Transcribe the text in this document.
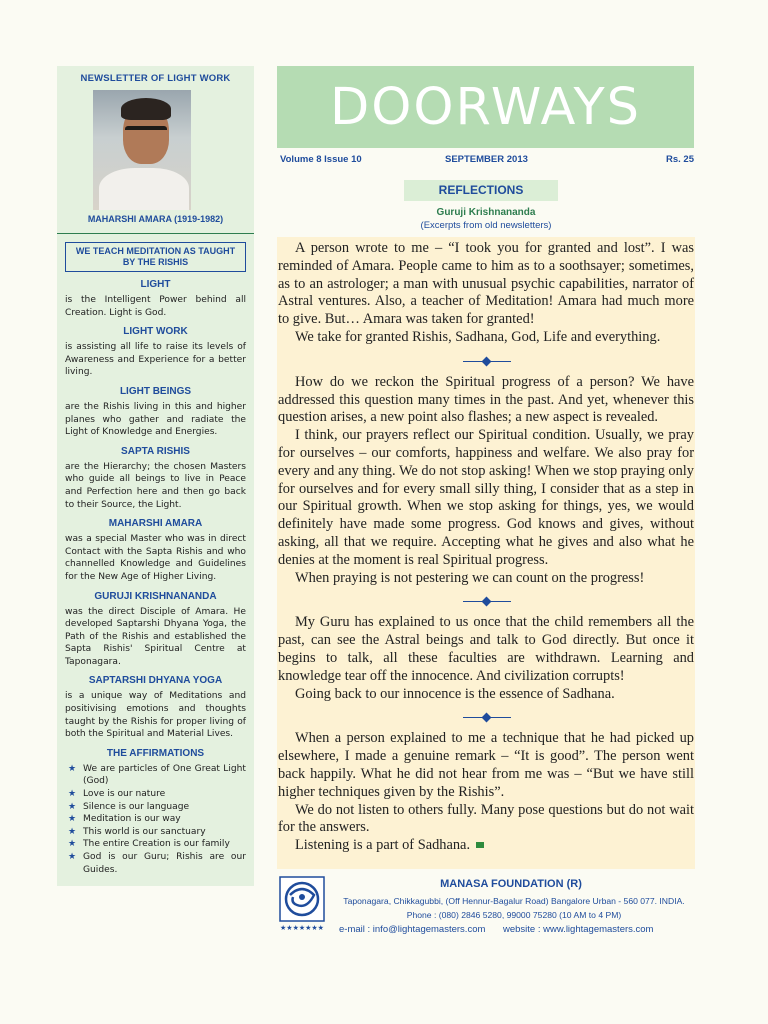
NEWSLETTER OF LIGHT WORK
MAHARSHI AMARA (1919-1982)
WE TEACH MEDITATION AS TAUGHT BY THE RISHIS
LIGHT
is the Intelligent Power behind all Creation. Light is God.
LIGHT WORK
is assisting all life to raise its levels of Awareness and Experience for a better living.
LIGHT BEINGS
are the Rishis living in this and higher planes who gather and radiate the Light of Knowledge and Energies.
SAPTA RISHIS
are the Hierarchy; the chosen Masters who guide all beings to live in Peace and Perfection here and then go back to their Source, the Light.
MAHARSHI AMARA
was a special Master who was in direct Contact with the Sapta Rishis and who channelled Knowledge and Guidelines for the New Age of Higher Living.
GURUJI KRISHNANANDA
was the direct Disciple of Amara. He developed Saptarshi Dhyana Yoga, the Path of the Rishis and established the Sapta Rishis' Spiritual Centre at Taponagara.
SAPTARSHI DHYANA YOGA
is a unique way of Meditations and positivising emotions and thoughts taught by the Rishis for proper living of both the Spiritual and Material Lives.
THE AFFIRMATIONS
★ We are particles of One Great Light (God)
★ Love is our nature
★ Silence is our language
★ Meditation is our way
★ This world is our sanctuary
★ The entire Creation is our family
★ God is our Guru; Rishis are our Guides.
DOORWAYS
Volume 8 Issue 10	SEPTEMBER 2013	Rs. 25
REFLECTIONS
Guruji Krishnananda
(Excerpts from old newsletters)

A person wrote to me – “I took you for granted and lost”. I was reminded of Amara. People came to him as to a soothsayer; sometimes, as to an astrologer; a man with unusual psychic capabilities, narrator of Astral ventures. Also, a teacher of Meditation! Amara had much more to give. But… Amara was taken for granted!

We take for granted Rishis, Sadhana, God, Life and everything.

How do we reckon the Spiritual progress of a person? We have addressed this question many times in the past. And yet, whenever this question arises, a new point also flashes; a new aspect is revealed.

I think, our prayers reflect our Spiritual condition. Usually, we pray for ourselves – our comforts, happiness and welfare. We also pray for every and any thing. We do not stop asking! When we stop praying only for ourselves and for every small silly thing, I consider that as a step in our Spiritual growth. When we stop asking for things, yes, we would definitely have made some progress. God knows and gives, without asking, all that we require. Accepting what he gives and also what he denies at the moment is real Spiritual progress.

When praying is not pestering we can count on the progress!

My Guru has explained to us once that the child remembers all the past, can see the Astral beings and talk to God directly. But once it begins to talk, all these faculties are withdrawn. Learning and knowledge tear off the innocence. And civilization corrupts!

Going back to our innocence is the essence of Sadhana.

When a person explained to me a technique that he had picked up elsewhere, I made a genuine remark – “It is good”. The person went back happily. What he did not hear from me was – “But we have still higher techniques given by the Rishis”.

We do not listen to others fully. Many pose questions but do not wait for the answers.

Listening is a part of Sadhana.

★★★★★★★
MANASA FOUNDATION (R)
Taponagara, Chikkagubbi, (Off Hennur-Bagalur Road) Bangalore Urban - 560 077. INDIA.
Phone : (080) 2846 5280, 99000 75280 (10 AM to 4 PM)
e-mail : info@lightagemasters.com website : www.lightagemasters.com
